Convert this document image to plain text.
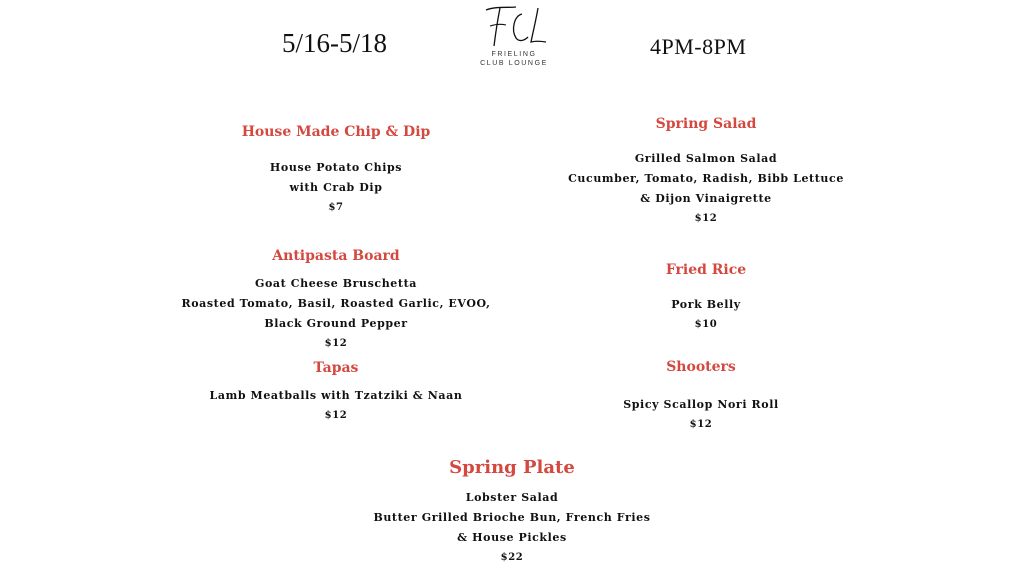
5/16-5/18	FRIELING
CLUB LOUNGE
4PM-8PM
House Made Chip & Dip
House Potato Chips
with Crab Dip
$7
Spring Salad
Grilled Salmon Salad
Cucumber, Tomato, Radish, Bibb Lettuce
& Dijon Vinaigrette
$12
Antipasta Board
Goat Cheese Bruschetta
Roasted Tomato, Basil, Roasted Garlic, EVOO,
Black Ground Pepper
$12
Fried Rice
Pork Belly
$10
Tapas
Lamb Meatballs with Tzatziki & Naan
$12
Shooters
Spicy Scallop Nori Roll
$12
Spring Plate
Lobster Salad
Butter Grilled Brioche Bun, French Fries
& House Pickles
$22
